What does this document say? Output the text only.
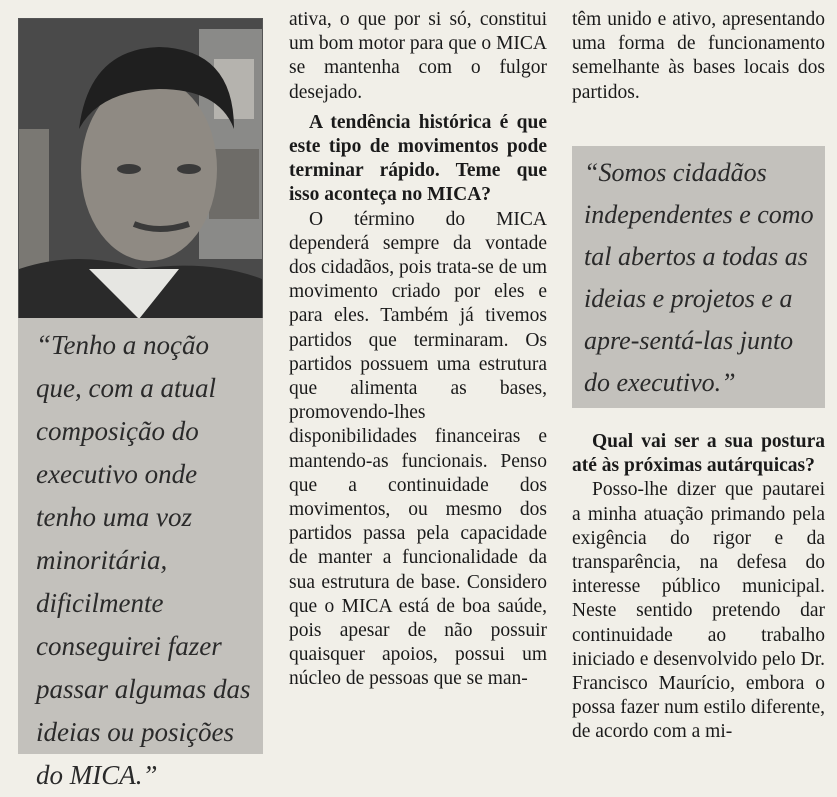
“Tenho a noção que, com a atual composição do executivo onde tenho uma voz minoritária, dificilmente conseguirei fazer passar algumas das ideias ou posições do MICA.”

ativa, o que por si só, constitui um bom motor para que o MICA se mantenha com o fulgor desejado.

A tendência histórica é que este tipo de movimentos pode terminar rápido. Teme que isso aconteça no MICA?

O término do MICA dependerá sempre da vontade dos cidadãos, pois trata-se de um movimento criado por eles e para eles. Também já tivemos partidos que terminaram. Os partidos possuem uma estrutura que alimenta as bases, promovendo-lhes disponibilidades financeiras e mantendo-as funcionais. Penso que a continuidade dos movimentos, ou mesmo dos partidos passa pela capacidade de manter a funcionalidade da sua estrutura de base. Considero que o MICA está de boa saúde, pois apesar de não possuir quaisquer apoios, possui um núcleo de pessoas que se man-

têm unido e ativo, apresentando uma forma de funcionamento semelhante às bases locais dos partidos.

“Somos cidadãos independentes e como tal abertos a todas as ideias e projetos e a apre-sentá-las junto do executivo.”

Qual vai ser a sua postura até às próximas autárquicas?

Posso-lhe dizer que pautarei a minha atuação primando pela exigência do rigor e da transparência, na defesa do interesse público municipal. Neste sentido pretendo dar continuidade ao trabalho iniciado e desenvolvido pelo Dr. Francisco Maurício, embora o possa fazer num estilo diferente, de acordo com a mi-
